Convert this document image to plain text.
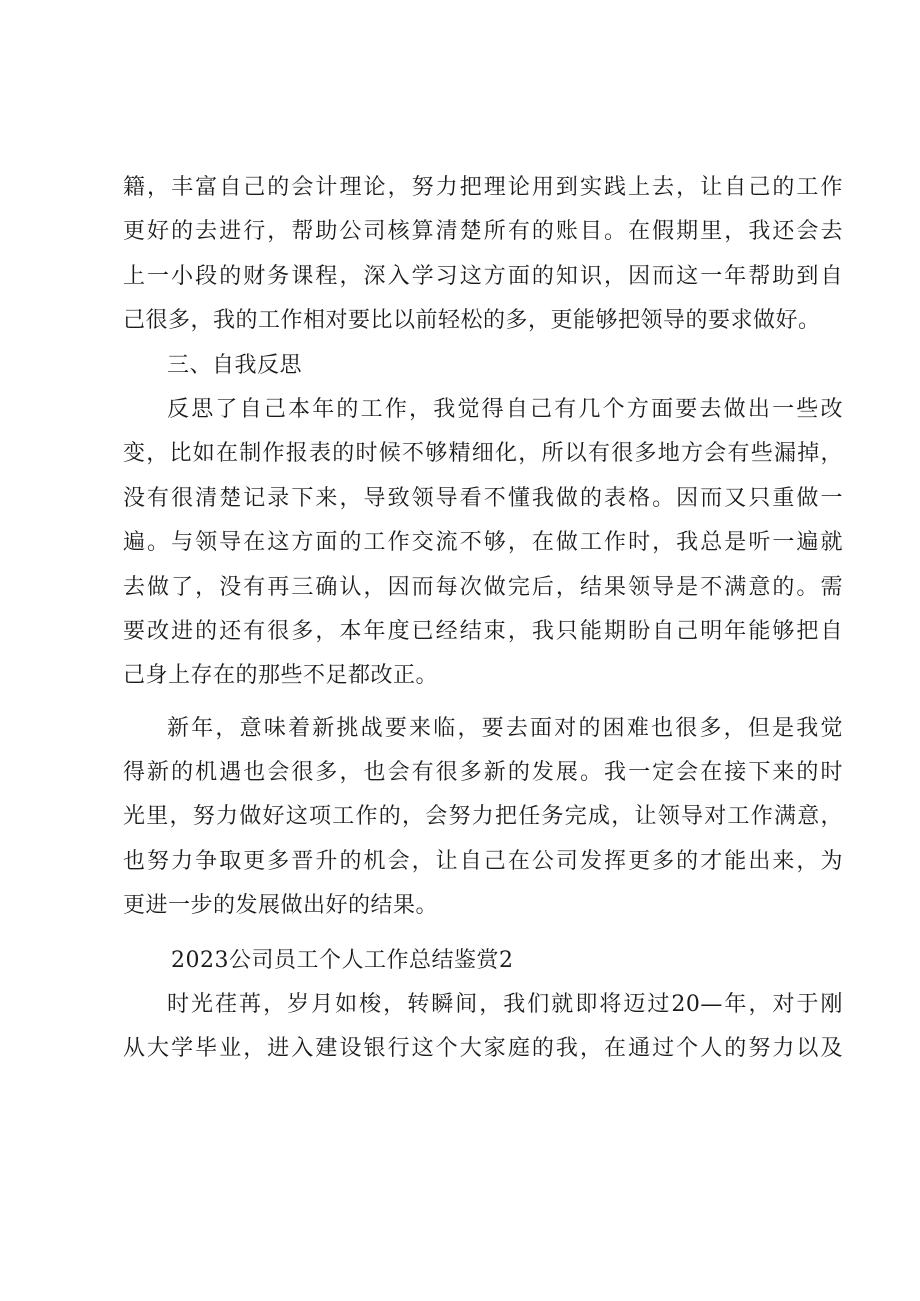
籍，丰富自己的会计理论，努力把理论用到实践上去，让自己的工作
更好的去进行，帮助公司核算清楚所有的账目。在假期里，我还会去
上一小段的财务课程，深入学习这方面的知识，因而这一年帮助到自
己很多，我的工作相对要比以前轻松的多，更能够把领导的要求做好。
三、自我反思
反思了自己本年的工作，我觉得自己有几个方面要去做出一些改
变，比如在制作报表的时候不够精细化，所以有很多地方会有些漏掉，
没有很清楚记录下来，导致领导看不懂我做的表格。因而又只重做一
遍。与领导在这方面的工作交流不够，在做工作时，我总是听一遍就
去做了，没有再三确认，因而每次做完后，结果领导是不满意的。需
要改进的还有很多，本年度已经结束，我只能期盼自己明年能够把自
己身上存在的那些不足都改正。
新年，意味着新挑战要来临，要去面对的困难也很多，但是我觉
得新的机遇也会很多，也会有很多新的发展。我一定会在接下来的时
光里，努力做好这项工作的，会努力把任务完成，让领导对工作满意，
也努力争取更多晋升的机会，让自己在公司发挥更多的才能出来，为
更进一步的发展做出好的结果。
2023公司员工个人工作总结鉴赏2
时光荏苒，岁月如梭，转瞬间，我们就即将迈过20—年，对于刚
从大学毕业，进入建设银行这个大家庭的我，在通过个人的努力以及
